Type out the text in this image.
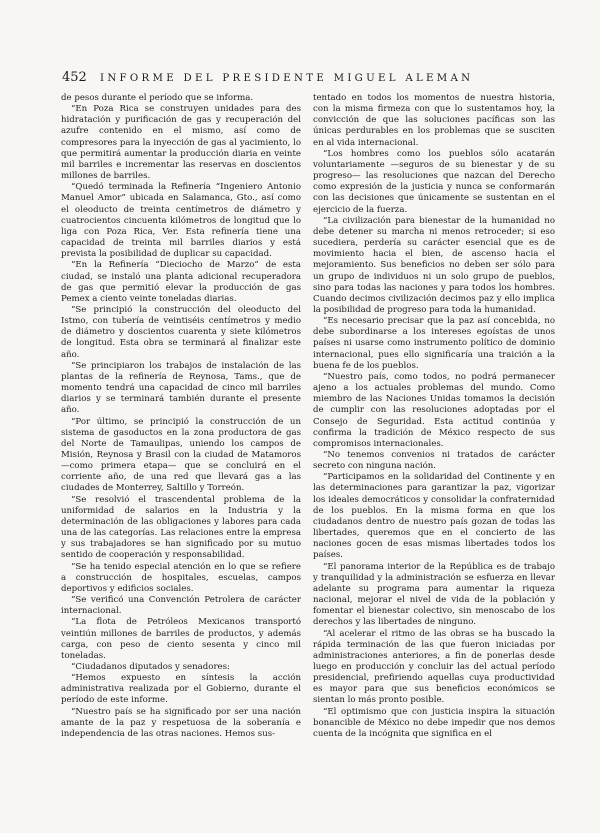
452	INFORME DEL PRESIDENTE MIGUEL ALEMAN

de pesos durante el período que se informa.

“En Poza Rica se construyen unidades para des hidratación y purificación de gas y recuperación del azufre contenido en el mismo, así como de compresores para la inyección de gas al yacimiento, lo que permitirá aumentar la producción diaria en veinte mil barriles e incrementar las reservas en doscientos millones de barriles.

“Quedó terminada la Refinería “Ingeniero Antonio Manuel Amor” ubicada en Salamanca, Gto., así como el oleoducto de treinta centímetros de diámetro y cuatrocientos cincuenta kilómetros de longitud que lo liga con Poza Rica, Ver. Esta refinería tiene una capacidad de treinta mil barriles diarios y está prevista la posibilidad de duplicar su capacidad.

“En la Refinería “Dieciocho de Marzo” de esta ciudad, se instaló una planta adicional recuperadora de gas que permitió elevar la producción de gas Pemex a ciento veinte toneladas diarias.

“Se principió la construcción del oleoducto del Istmo, con tubería de veintiséis centímetros y medio de diámetro y doscientos cuarenta y siete kilómetros de longitud. Esta obra se terminará al finalizar este año.

“Se principiaron los trabajos de instalación de las plantas de la refinería de Reynosa, Tams., que de momento tendrá una capacidad de cinco mil barriles diarios y se terminará también durante el presente año.

“Por último, se principió la construcción de un sistema de gasoductos en la zona productora de gas del Norte de Tamaulipas, uniendo los campos de Misión, Reynosa y Brasil con la ciudad de Matamoros —como primera etapa— que se concluirá en el corriente año, de una red que llevará gas a las ciudades de Monterrey, Saltillo y Torreón.

“Se resolvió el trascendental problema de la uniformidad de salarios en la Industria y la determinación de las obligaciones y labores para cada una de las categorías. Las relaciones entre la empresa y sus trabajadores se han significado por su mutuo sentido de cooperación y responsabilidad.

“Se ha tenido especial atención en lo que se refiere a construcción de hospitales, escuelas, campos deportivos y edificios sociales.

“Se verificó una Convención Petrolera de carácter internacional.

“La flota de Petróleos Mexicanos transportó veintiún millones de barriles de productos, y además carga, con peso de ciento sesenta y cinco mil toneladas.

“Ciudadanos diputados y senadores:

“Hemos expuesto en síntesis la acción administrativa realizada por el Gobierno, durante el período de este informe.

“Nuestro país se ha significado por ser una nación amante de la paz y respetuosa de la soberanía e independencia de las otras naciones. Hemos sus-

tentado en todos los momentos de nuestra historia, con la misma firmeza con que lo sustentamos hoy, la convicción de que las soluciones pacíficas son las únicas perdurables en los problemas que se susciten en al vida internacional.

“Los hombres como los pueblos sólo acatarán voluntariamente —seguros de su bienestar y de su progreso— las resoluciones que nazcan del Derecho como expresión de la justicia y nunca se conformarán con las decisiones que únicamente se sustentan en el ejercicio de la fuerza.

“La civilización para bienestar de la humanidad no debe detener su marcha ni menos retroceder; si eso sucediera, perdería su carácter esencial que es de movimiento hacia el bien, de ascenso hacia el mejoramiento. Sus beneficios no deben ser sólo para un grupo de individuos ni un solo grupo de pueblos, sino para todas las naciones y para todos los hombres. Cuando decimos civilización decimos paz y ello implica la posibilidad de progreso para toda la humanidad.

“Es necesario precisar que la paz así concebida, no debe subordinarse a los intereses egoístas de unos países ni usarse como instrumento político de dominio internacional, pues ello significaría una traición a la buena fe de los pueblos.

“Nuestro país, como todos, no podrá permanecer ajeno a los actuales problemas del mundo. Como miembro de las Naciones Unidas tomamos la decisión de cumplir con las resoluciones adoptadas por el Consejo de Seguridad. Esta actitud continúa y confirma la tradición de México respecto de sus compromisos internacionales.

“No tenemos convenios ni tratados de carácter secreto con ninguna nación.

“Participamos en la solidaridad del Continente y en las determinaciones para garantizar la paz, vigorizar los ideales democráticos y consolidar la confraternidad de los pueblos. En la misma forma en que los ciudadanos dentro de nuestro país gozan de todas las libertades, queremos que en el concierto de las naciones gocen de esas mismas libertades todos los países.

“El panorama interior de la República es de trabajo y tranquilidad y la administración se esfuerza en llevar adelante su programa para aumentar la riqueza nacional, mejorar el nivel de vida de la población y fomentar el bienestar colectivo, sin menoscabo de los derechos y las libertades de ninguno.

“Al acelerar el ritmo de las obras se ha buscado la rápida terminación de las que fueron iniciadas por administraciones anteriores, a fin de ponerlas desde luego en producción y concluir las del actual período presidencial, prefiriendo aquellas cuya productividad es mayor para que sus beneficios económicos se sientan lo más pronto posible.

“El optimismo que con justicia inspira la situación bonancible de México no debe impedir que nos demos cuenta de la incógnita que significa en el
